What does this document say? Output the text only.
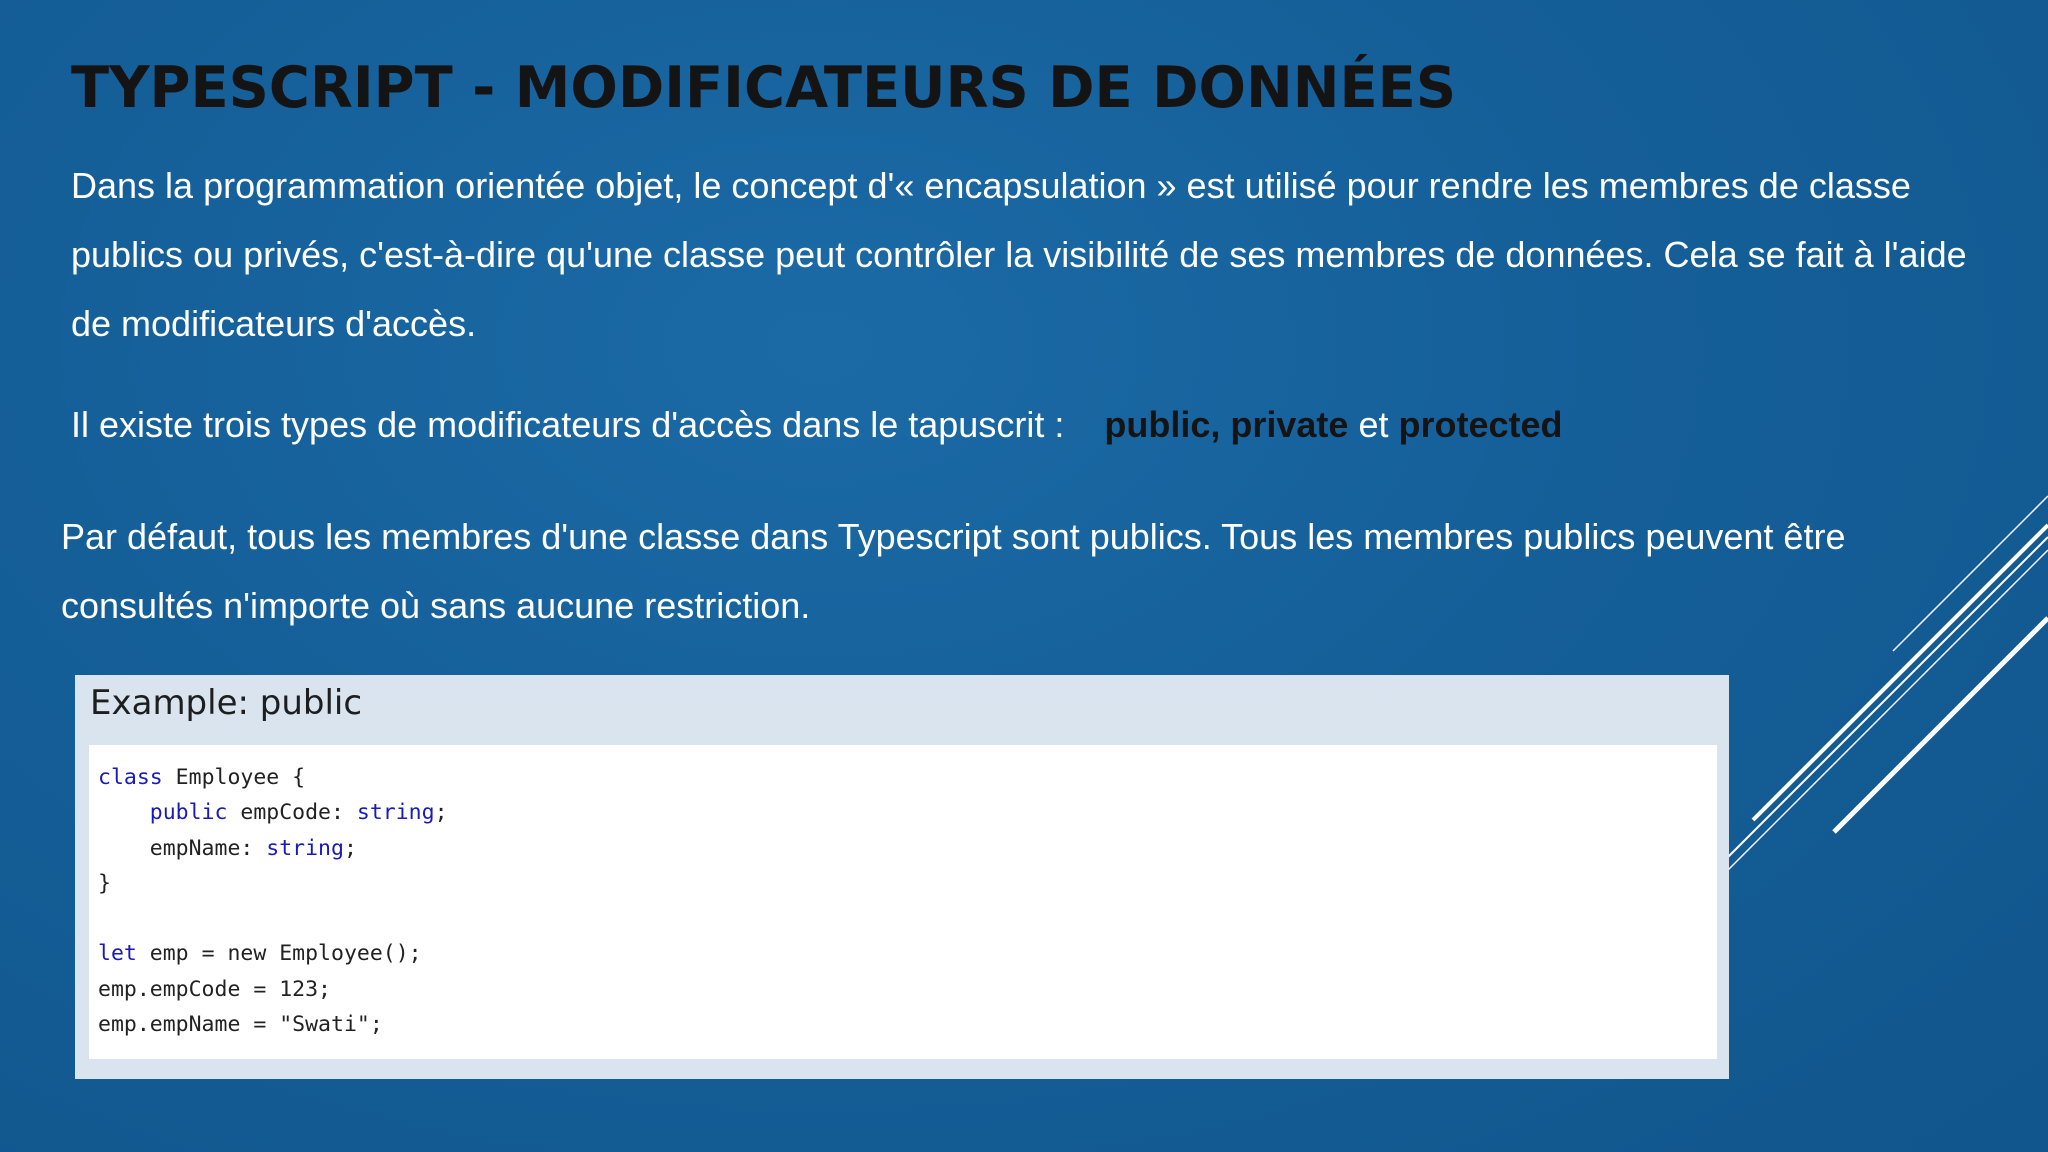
TYPESCRIPT - MODIFICATEURS DE DONNÉES

Dans la programmation orientée objet, le concept d'« encapsulation » est utilisé pour rendre les membres de classe publics ou privés, c'est-à-dire qu'une classe peut contrôler la visibilité de ses membres de données. Cela se fait à l'aide de modificateurs d'accès.

Il existe trois types de modificateurs d'accès dans le tapuscrit : public, private et protected

Par défaut, tous les membres d'une classe dans Typescript sont publics. Tous les membres publics peuvent être consultés n'importe où sans aucune restriction.

Example: public
class Employee {
public empCode: string;
empName: string;
}

let emp = new Employee();
emp.empCode = 123;
emp.empName = "Swati";
